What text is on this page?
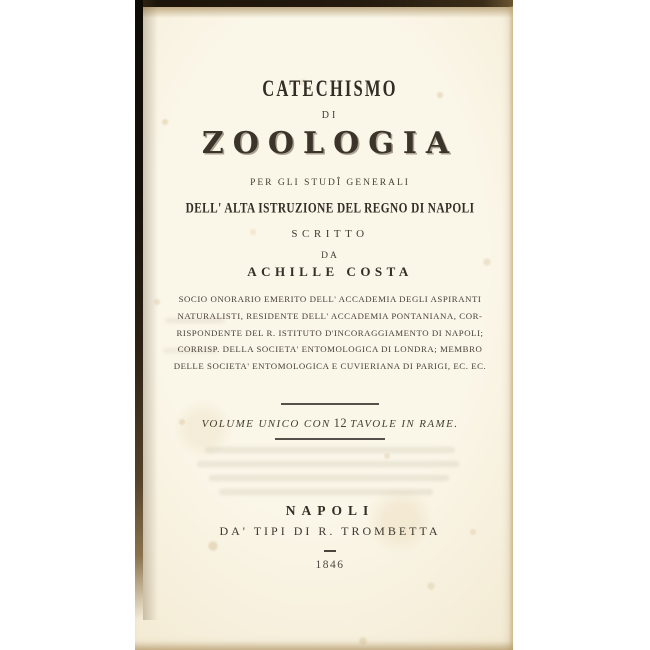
CATECHISMO
DI
ZOOLOGIA
PER GLI STUDÎ GENERALI
DELL' ALTA ISTRUZIONE DEL REGNO DI NAPOLI
SCRITTO
DA
ACHILLE COSTA
SOCIO ONORARIO EMERITO DELL' ACCADEMIA DEGLI ASPIRANTI
NATURALISTI, RESIDENTE DELL' ACCADEMIA PONTANIANA, COR-
RISPONDENTE DEL R. ISTITUTO D'INCORAGGIAMENTO DI NAPOLI;
CORRISP. DELLA SOCIETA' ENTOMOLOGICA DI LONDRA; MEMBRO
DELLE SOCIETA' ENTOMOLOGICA E CUVIERIANA DI PARIGI, EC. EC.
VOLUME UNICO CON 12 TAVOLE IN RAME.
NAPOLI
DA' TIPI DI R. TROMBETTA
1846
